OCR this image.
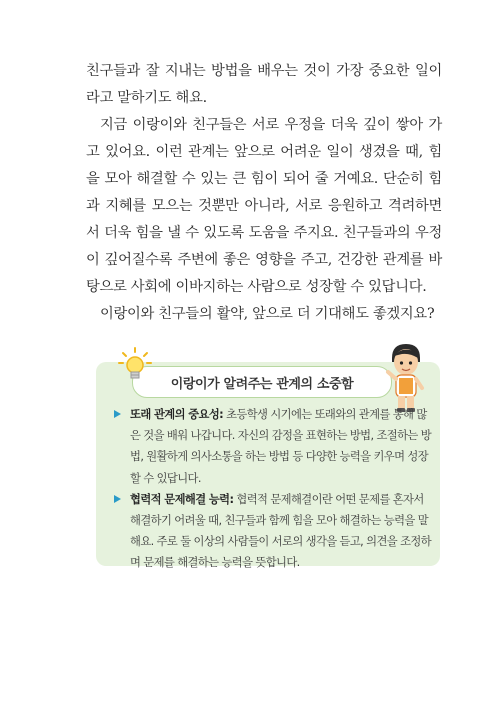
친구들과 잘 지내는 방법을 배우는 것이 가장 중요한 일이라고 말하기도 해요.

지금 이랑이와 친구들은 서로 우정을 더욱 깊이 쌓아 가고 있어요. 이런 관계는 앞으로 어려운 일이 생겼을 때, 힘을 모아 해결할 수 있는 큰 힘이 되어 줄 거예요. 단순히 힘과 지혜를 모으는 것뿐만 아니라, 서로 응원하고 격려하면서 더욱 힘을 낼 수 있도록 도움을 주지요. 친구들과의 우정이 깊어질수록 주변에 좋은 영향을 주고, 건강한 관계를 바탕으로 사회에 이바지하는 사람으로 성장할 수 있답니다.

이랑이와 친구들의 활약, 앞으로 더 기대해도 좋겠지요?

이랑이가 알려주는 관계의 소중함
또래 관계의 중요성: 초등학생 시기에는 또래와의 관계를 통해 많은 것을 배워 나갑니다. 자신의 감정을 표현하는 방법, 조절하는 방법, 원활하게 의사소통을 하는 방법 등 다양한 능력을 키우며 성장할 수 있답니다.
협력적 문제해결 능력: 협력적 문제해결이란 어떤 문제를 혼자서 해결하기 어려울 때, 친구들과 함께 힘을 모아 해결하는 능력을 말해요. 주로 둘 이상의 사람들이 서로의 생각을 듣고, 의견을 조정하며 문제를 해결하는 능력을 뜻합니다.
